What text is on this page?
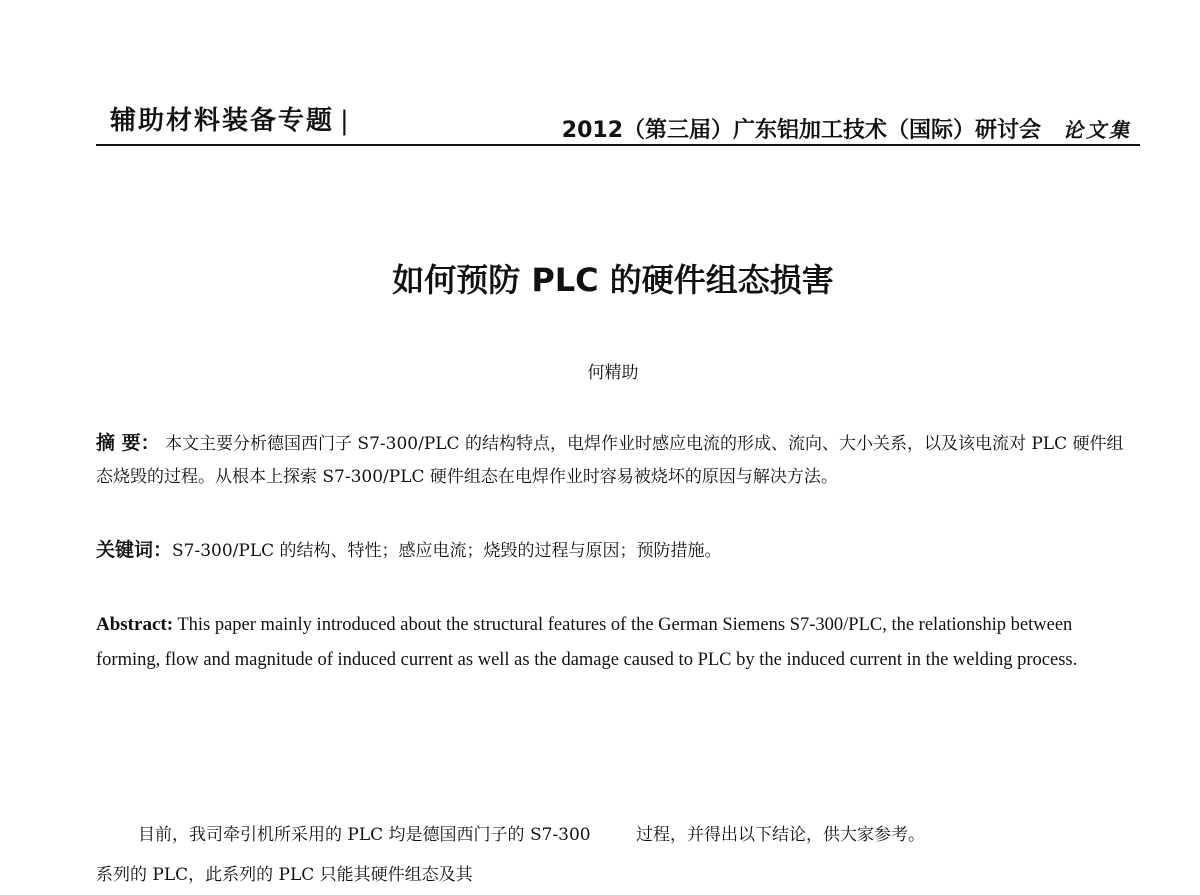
辅助材料装备专题 |	2012（第三届）广东铝加工技术（国际）研讨会 论文集
如何预防 PLC 的硬件组态损害
何精助
摘 要： 本文主要分析德国西门子 S7-300/PLC 的结构特点，电焊作业时感应电流的形成、流向、大小关系，以及该电流对 PLC 硬件组态烧毁的过程。从根本上探索 S7-300/PLC 硬件组态在电焊作业时容易被烧坏的原因与解决方法。
关键词：S7-300/PLC 的结构、特性；感应电流；烧毁的过程与原因；预防措施。
Abstract: This paper mainly introduced about the structural features of the German Siemens S7-300/PLC, the relationship between forming, flow and magnitude of induced current as well as the damage caused to PLC by the induced current in the welding process.
目前，我司牵引机所采用的 PLC 均是德国西门子的 S7-300 系列的 PLC，此系列的 PLC 只能其硬件组态及其
过程，并得出以下结论，供大家参考。
